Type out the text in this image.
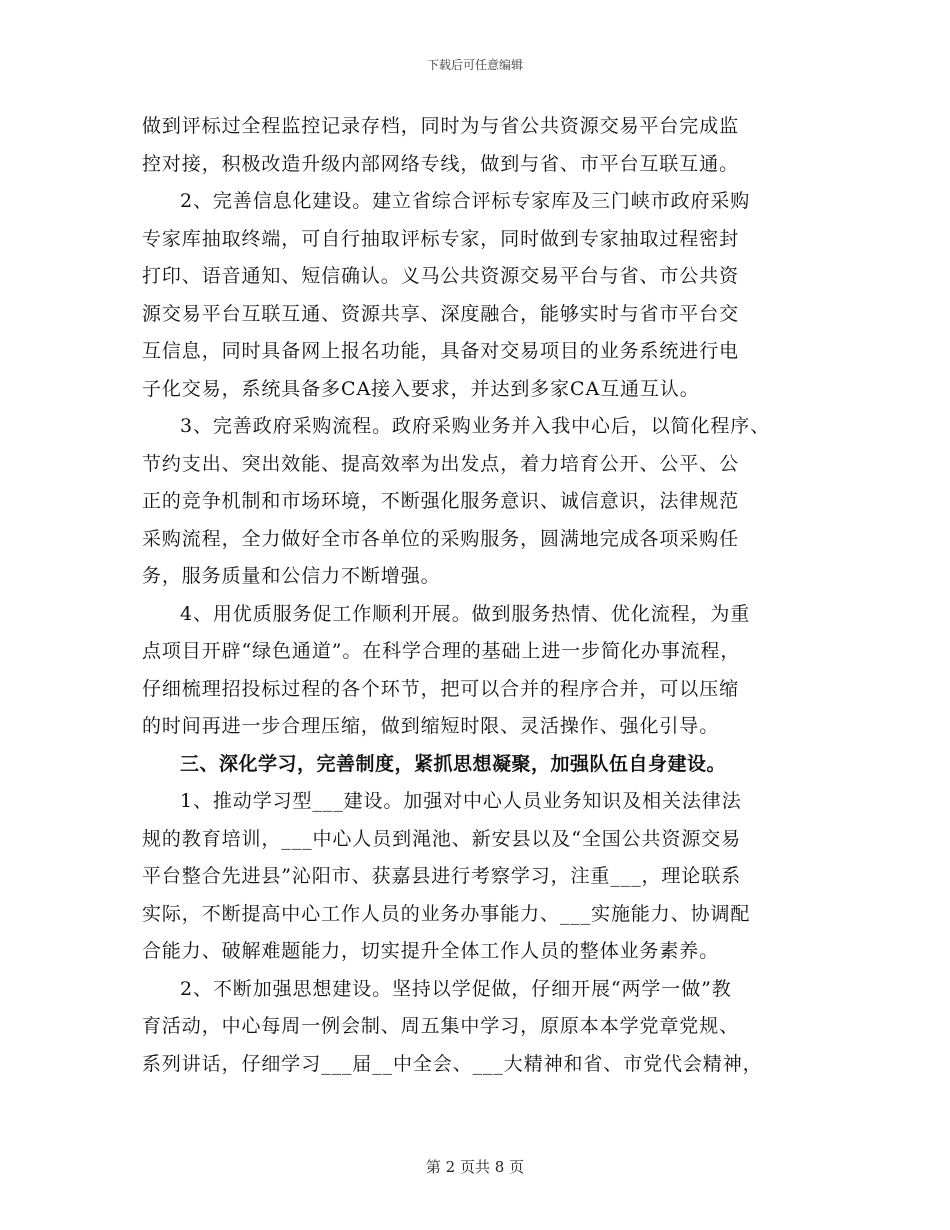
下载后可任意编辑

做到评标过全程监控记录存档，同时为与省公共资源交易平台完成监
控对接，积极改造升级内部网络专线，做到与省、市平台互联互通。

2、完善信息化建设。建立省综合评标专家库及三门峡市政府采购
专家库抽取终端，可自行抽取评标专家，同时做到专家抽取过程密封
打印、语音通知、短信确认。义马公共资源交易平台与省、市公共资
源交易平台互联互通、资源共享、深度融合，能够实时与省市平台交
互信息，同时具备网上报名功能，具备对交易项目的业务系统进行电
子化交易，系统具备多CA接入要求，并达到多家CA互通互认。

3、完善政府采购流程。政府采购业务并入我中心后，以简化程序、
节约支出、突出效能、提高效率为出发点，着力培育公开、公平、公
正的竞争机制和市场环境，不断强化服务意识、诚信意识，法律规范
采购流程，全力做好全市各单位的采购服务，圆满地完成各项采购任
务，服务质量和公信力不断增强。

4、用优质服务促工作顺利开展。做到服务热情、优化流程，为重
点项目开辟“绿色通道”。在科学合理的基础上进一步简化办事流程，
仔细梳理招投标过程的各个环节，把可以合并的程序合并，可以压缩
的时间再进一步合理压缩，做到缩短时限、灵活操作、强化引导。

三、深化学习，完善制度，紧抓思想凝聚，加强队伍自身建设。

1、推动学习型___建设。加强对中心人员业务知识及相关法律法
规的教育培训，___中心人员到渑池、新安县以及“全国公共资源交易
平台整合先进县”沁阳市、获嘉县进行考察学习，注重___，理论联系
实际，不断提高中心工作人员的业务办事能力、___实施能力、协调配
合能力、破解难题能力，切实提升全体工作人员的整体业务素养。

2、不断加强思想建设。坚持以学促做，仔细开展“两学一做”教
育活动，中心每周一例会制、周五集中学习，原原本本学党章党规、
系列讲话，仔细学习___届__中全会、___大精神和省、市党代会精神，

第 2 页共 8 页
